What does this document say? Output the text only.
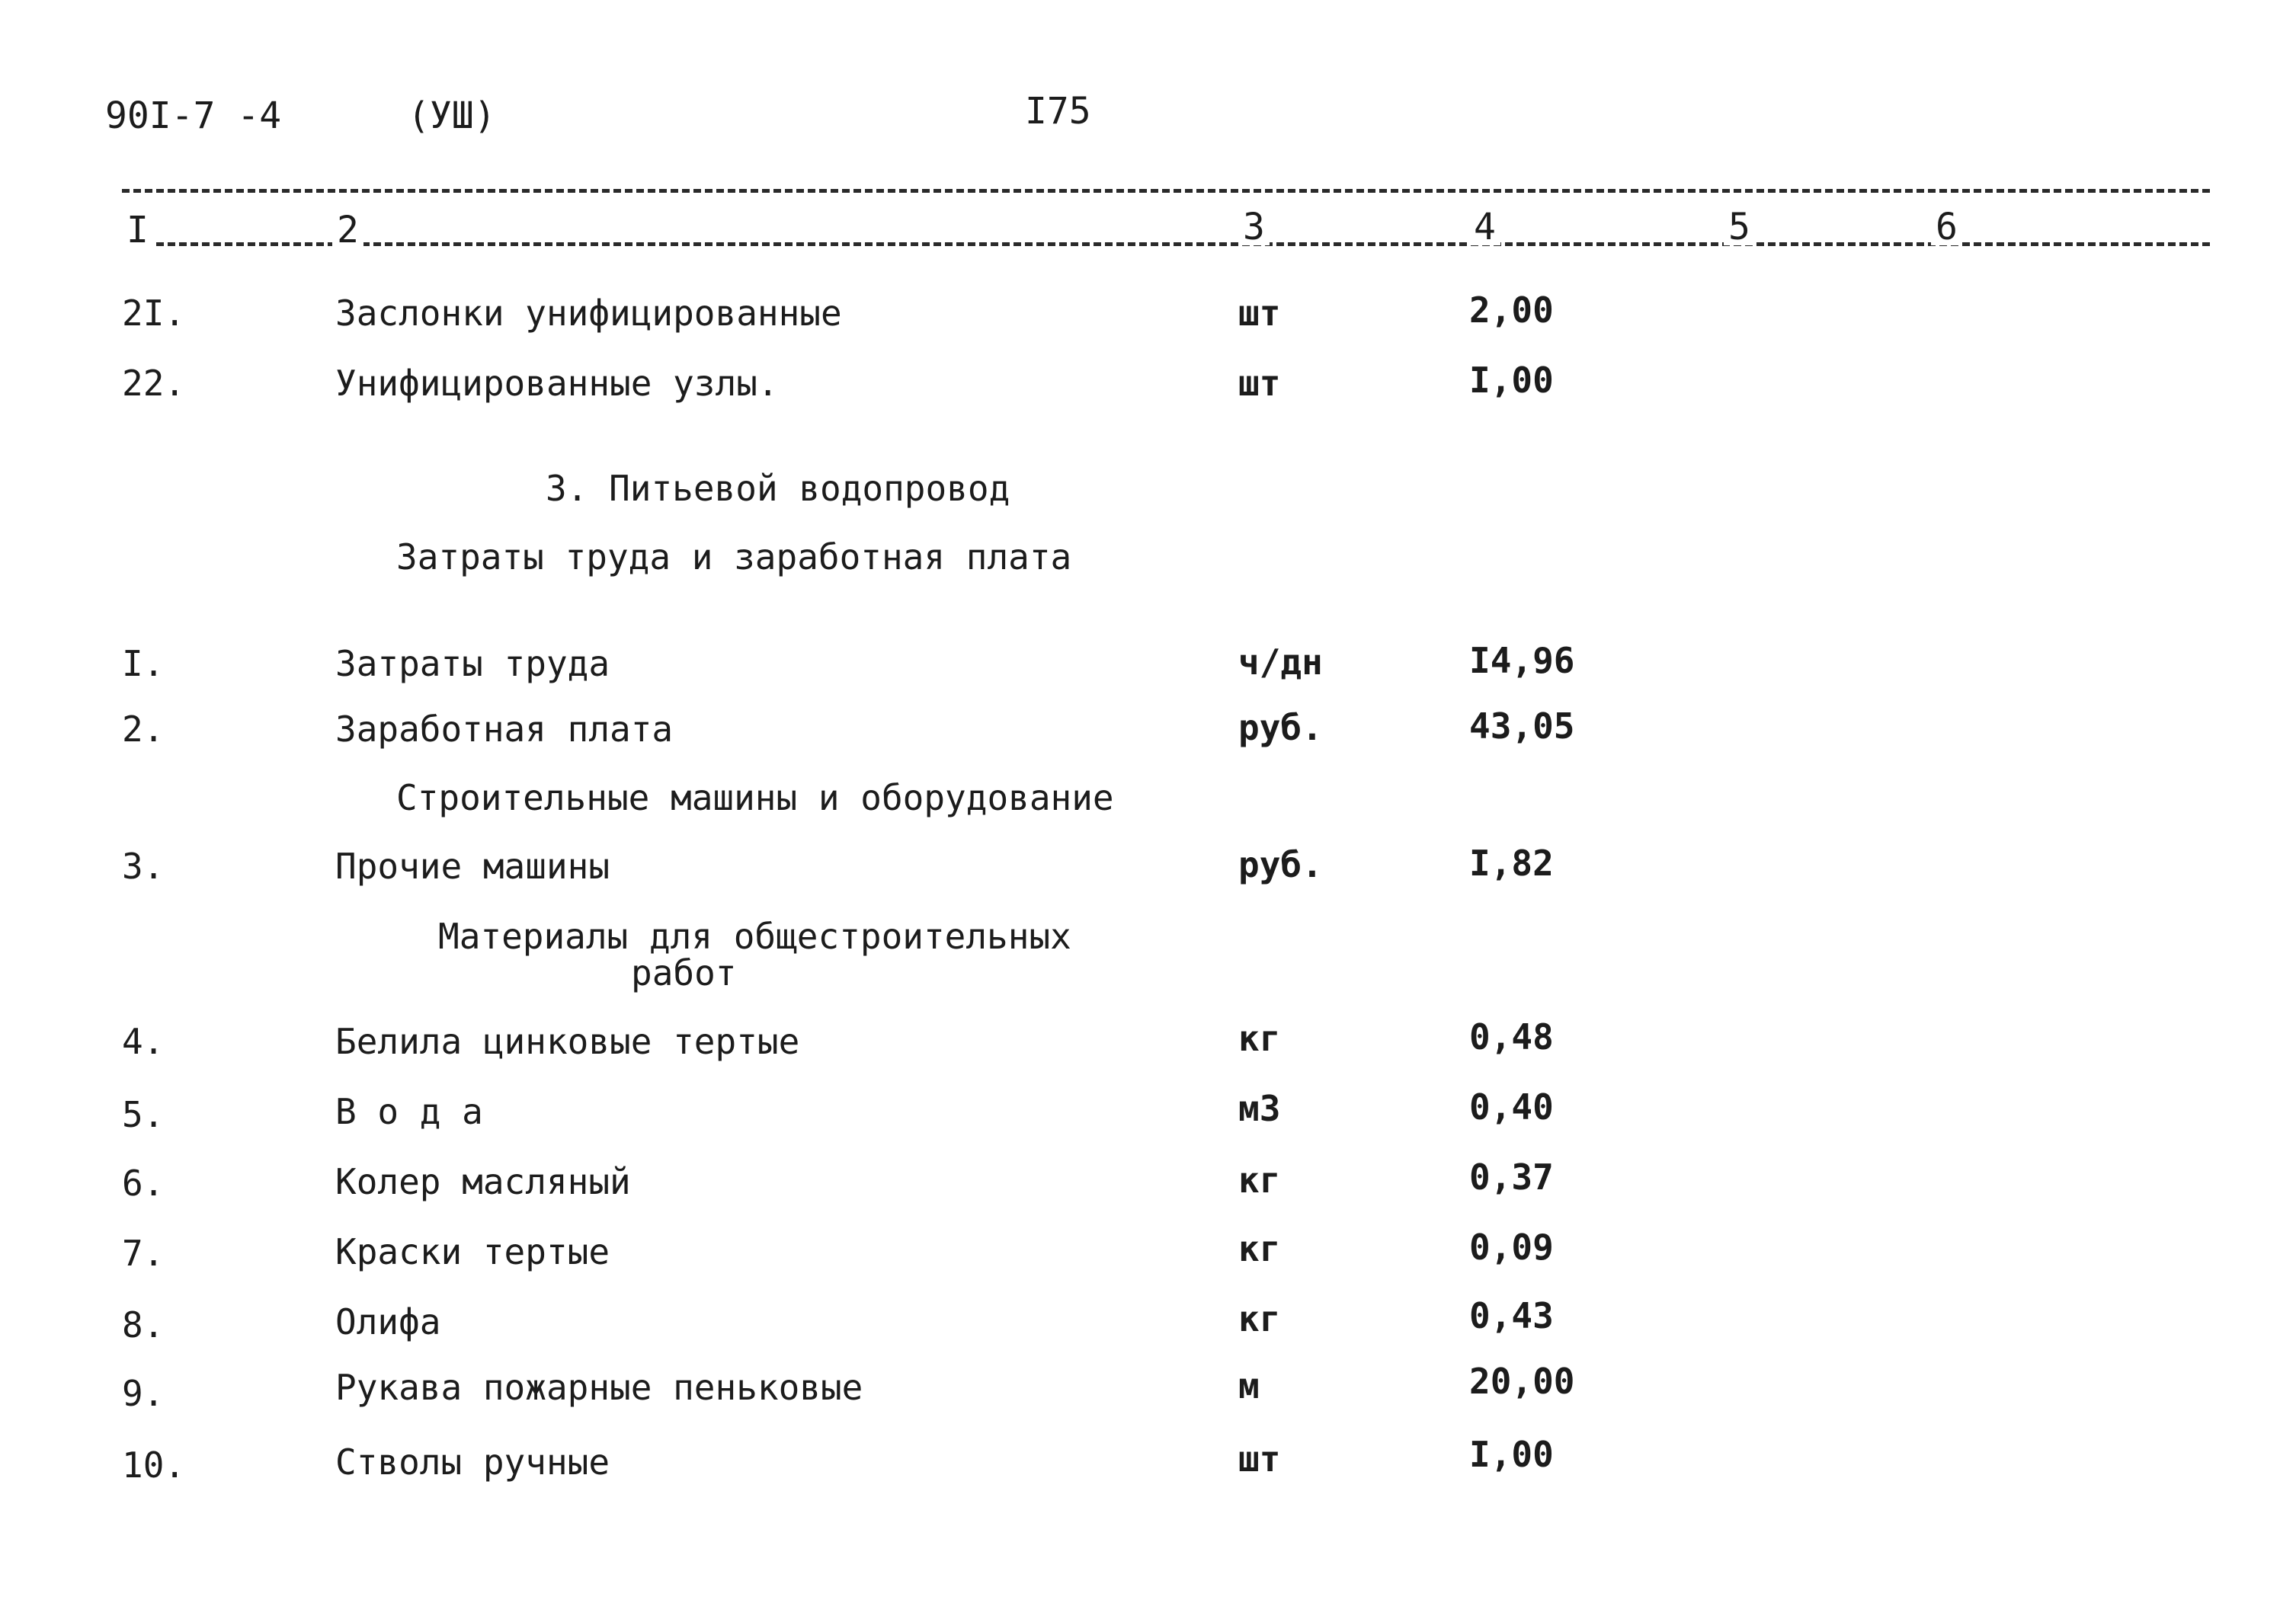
90I-7 -4	(УШ)	I75
I	2	3	4	5	6
2I.	Заслонки унифицированные	шт	2,00
22.	Унифицированные узлы.	шт	I,00
3. Питьевой водопровод
Затраты труда и заработная плата
I.	Затраты труда	ч/дн	I4,96
2.	Заработная плата	руб.	43,05
Строительные машины и оборудование
3.	Прочие машины	руб.	I,82
Материалы для общестроительных
работ
4.	Белила цинковые тертые	кг	0,48
5.	В о д а	м3	0,40
6.	Колер масляный	кг	0,37
7.	Краски тертые	кг	0,09
8.	Олифа	кг	0,43
9.	Рукава пожарные пеньковые	м	20,00
10.	Стволы ручные	шт	I,00
